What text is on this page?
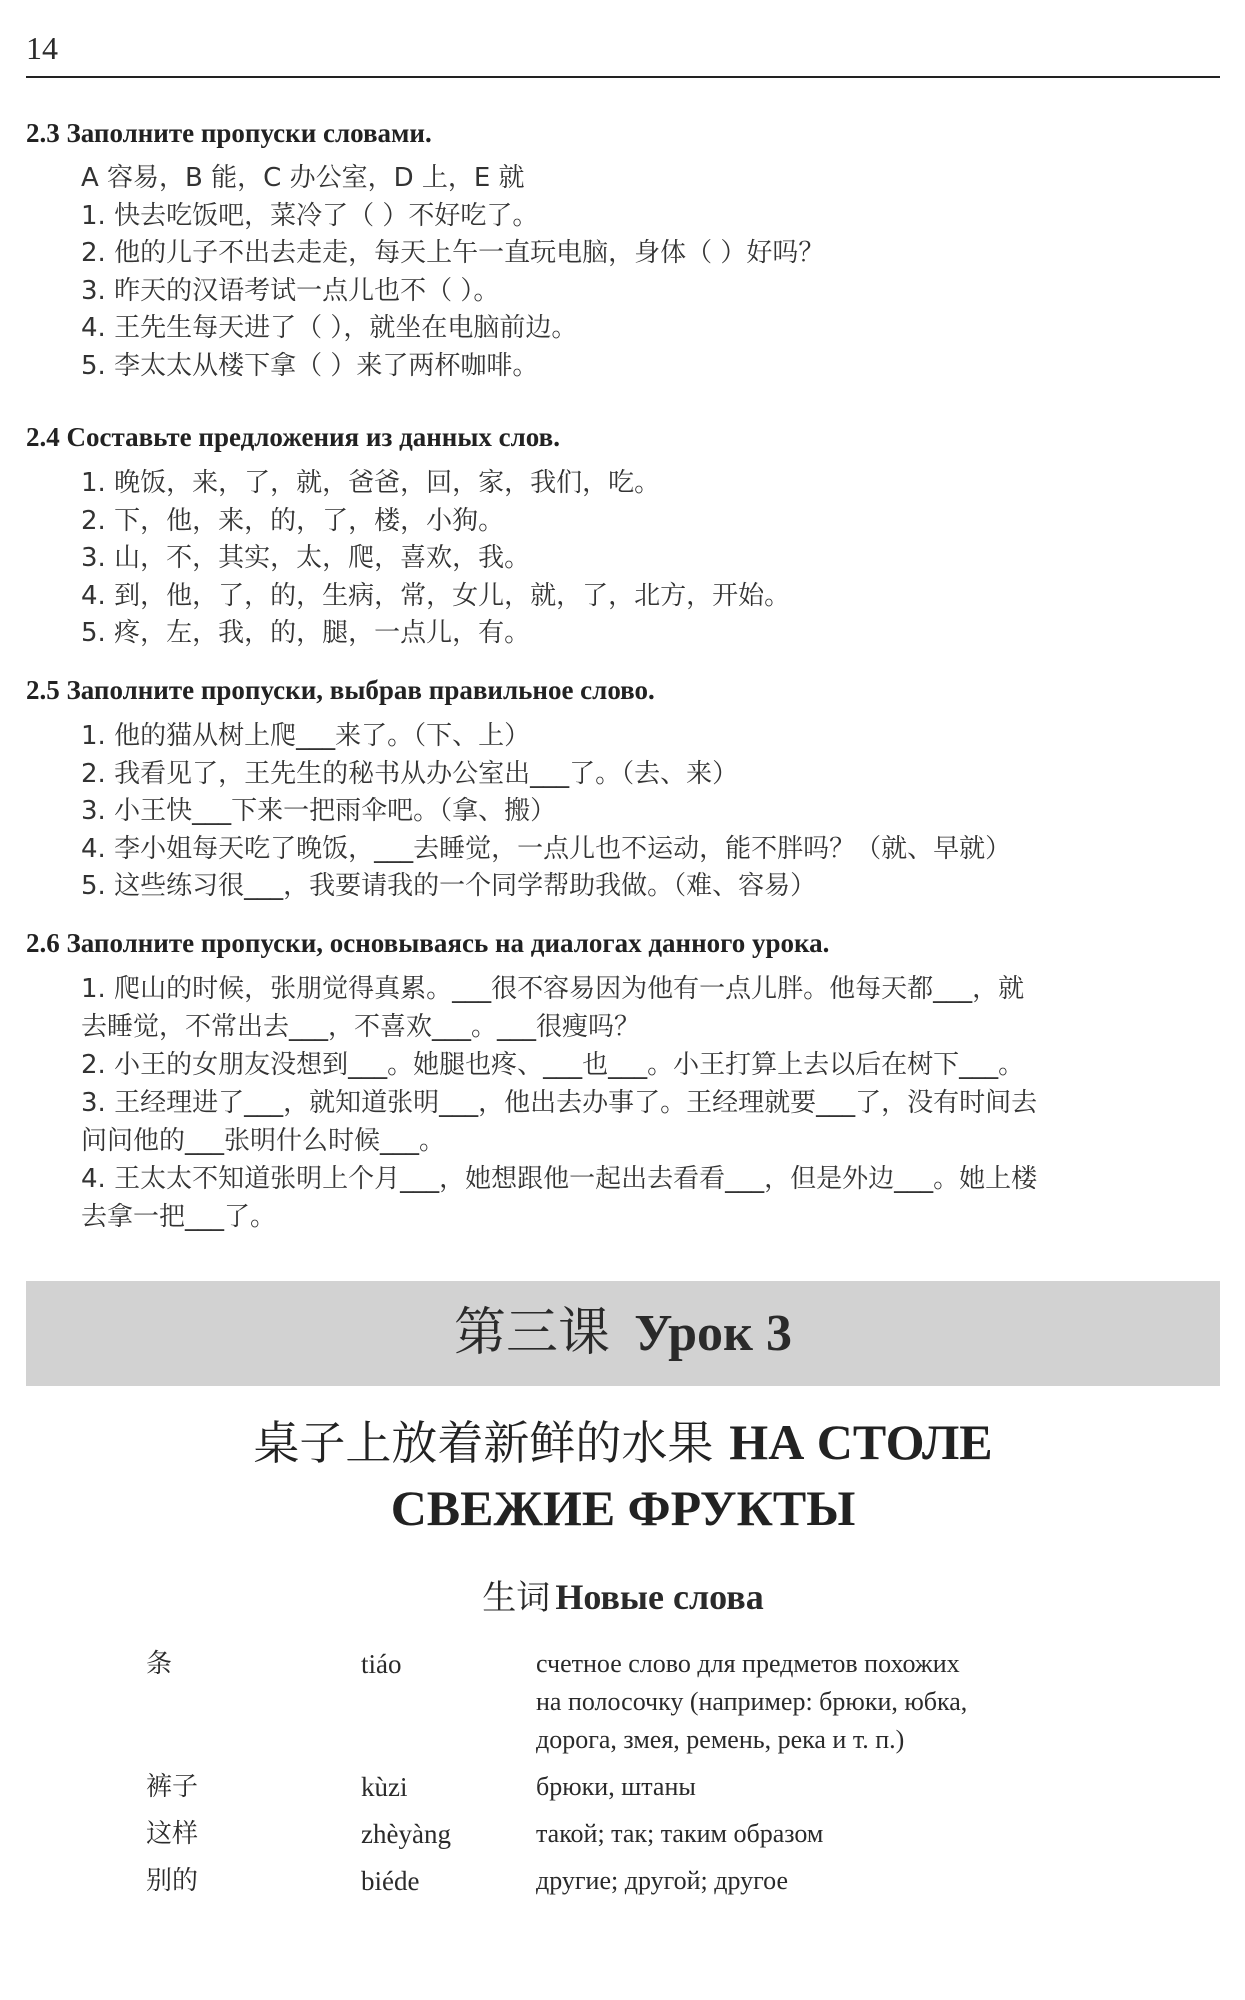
14
2.3 Заполните пропуски словами.
A 容易，B 能，C 办公室，D 上，E 就
1. 快去吃饭吧，菜冷了（ ）不好吃了。
2. 他的儿子不出去走走，每天上午一直玩电脑，身体（ ）好吗？
3. 昨天的汉语考试一点儿也不（ ）。
4. 王先生每天进了（ ），就坐在电脑前边。
5. 李太太从楼下拿（ ）来了两杯咖啡。
2.4 Составьте предложения из данных слов.
1. 晚饭，来，了，就，爸爸，回，家，我们，吃。
2. 下，他，来，的，了，楼，小狗。
3. 山，不，其实，太，爬，喜欢，我。
4. 到，他，了，的，生病，常，女儿，就，了，北方，开始。
5. 疼，左，我，的，腿，一点儿，有。
2.5 Заполните пропуски, выбрав правильное слово.
1. 他的猫从树上爬___来了。（下、上）
2. 我看见了，王先生的秘书从办公室出___了。（去、来）
3. 小王快___下来一把雨伞吧。（拿、搬）
4. 李小姐每天吃了晚饭，___去睡觉，一点儿也不运动，能不胖吗？（就、早就）
5. 这些练习很___，我要请我的一个同学帮助我做。（难、容易）
2.6 Заполните пропуски, основываясь на диалогах данного урока.
1. 爬山的时候，张朋觉得真累。___很不容易因为他有一点儿胖。他每天都___，就
去睡觉，不常出去___，不喜欢___。___很瘦吗？
2. 小王的女朋友没想到___。她腿也疼、___也___。小王打算上去以后在树下___。
3. 王经理进了___，就知道张明___，他出去办事了。王经理就要___了，没有时间去
问问他的___张明什么时候___。
4. 王太太不知道张明上个月___，她想跟他一起出去看看___，但是外边___。她上楼
去拿一把___了。
第三课 Урок 3
桌子上放着新鲜的水果 НА СТОЛЕ
СВЕЖИЕ ФРУКТЫ
生词 Новые слова
条	tiáo	счетное слово для предметов похожих
на полосочку (например: брюки, юбка,
дорога, змея, ремень, река и т. п.)
裤子	kùzi	брюки, штаны
这样	zhèyàng	такой; так; таким образом
别的	biéde	другие; другой; другое
